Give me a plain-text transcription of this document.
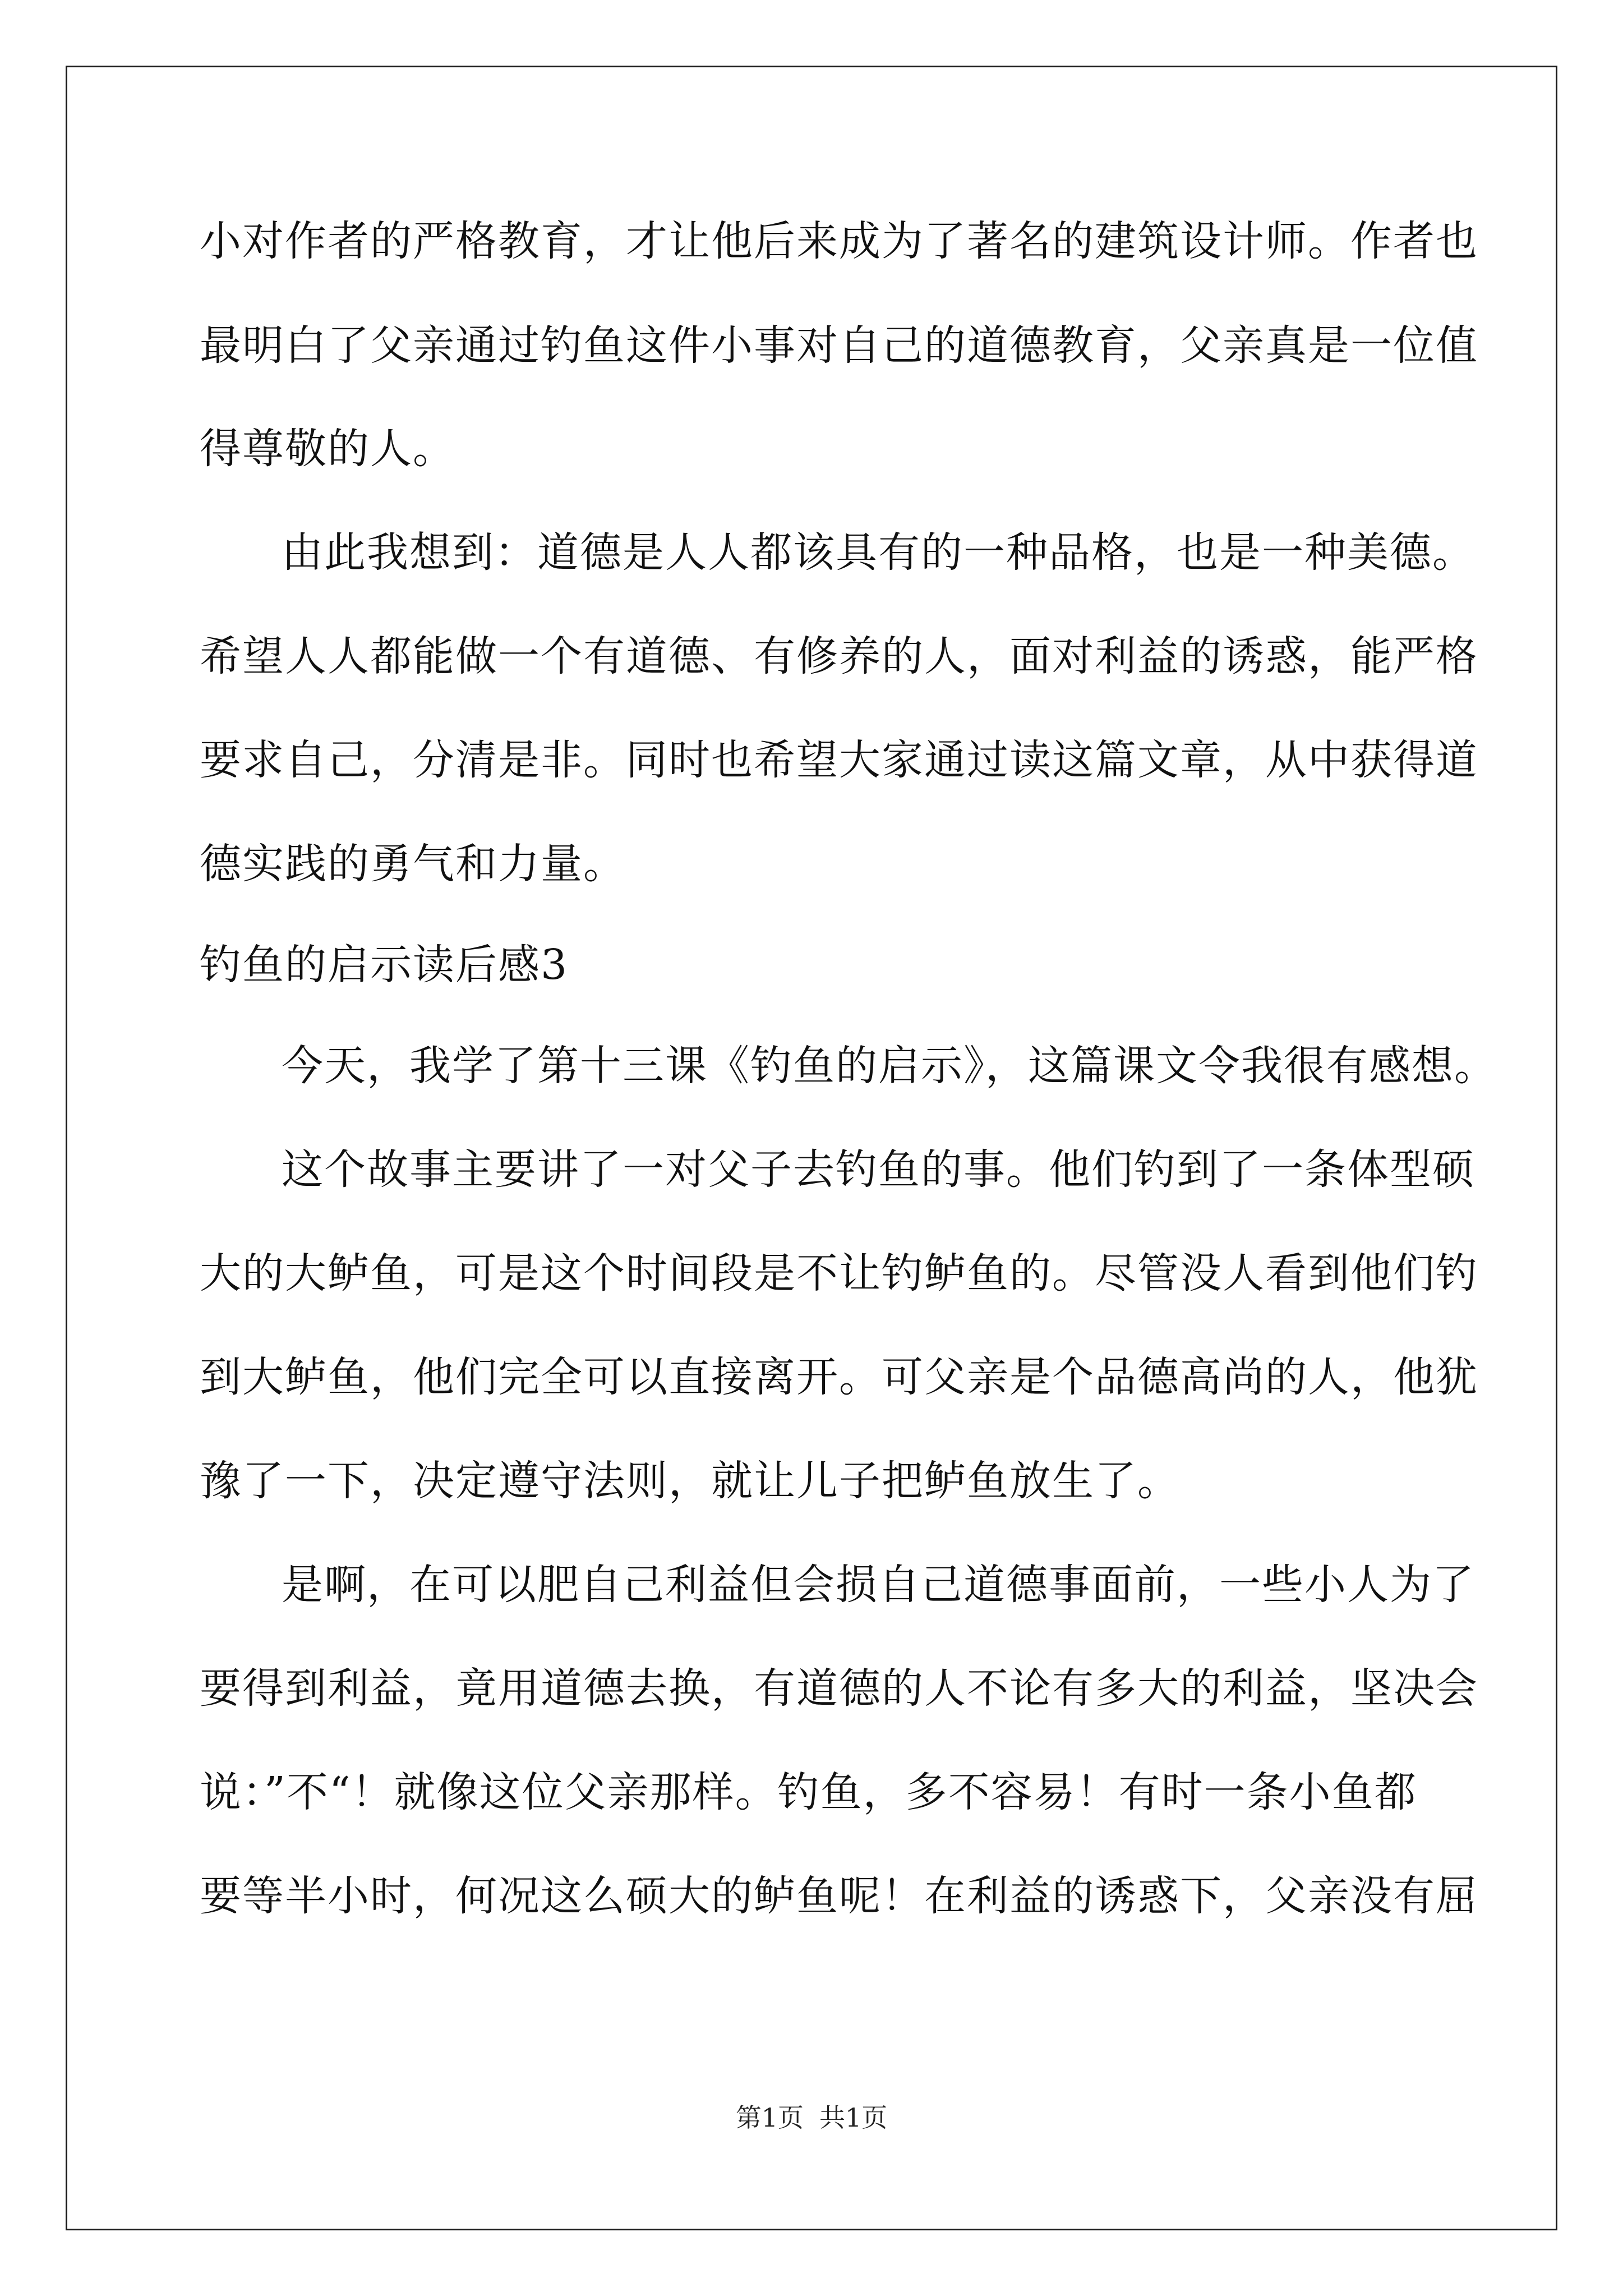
小对作者的严格教育，才让他后来成为了著名的建筑设计师。作者也
最明白了父亲通过钓鱼这件小事对自己的道德教育，父亲真是一位值
得尊敬的人。
由此我想到：道德是人人都该具有的一种品格，也是一种美德。
希望人人都能做一个有道德、有修养的人，面对利益的诱惑，能严格
要求自己，分清是非。同时也希望大家通过读这篇文章，从中获得道
德实践的勇气和力量。
钓鱼的启示读后感3
今天，我学了第十三课《钓鱼的启示》，这篇课文令我很有感想。
这个故事主要讲了一对父子去钓鱼的事。他们钓到了一条体型硕
大的大鲈鱼，可是这个时间段是不让钓鲈鱼的。尽管没人看到他们钓
到大鲈鱼，他们完全可以直接离开。可父亲是个品德高尚的人，他犹
豫了一下，决定遵守法则，就让儿子把鲈鱼放生了。
是啊，在可以肥自己利益但会损自己道德事面前，一些小人为了
要得到利益，竟用道德去换，有道德的人不论有多大的利益，坚决会
说：”不“！就像这位父亲那样。钓鱼，多不容易！有时一条小鱼都
要等半小时，何况这么硕大的鲈鱼呢！在利益的诱惑下，父亲没有屈
第1页 共1页
